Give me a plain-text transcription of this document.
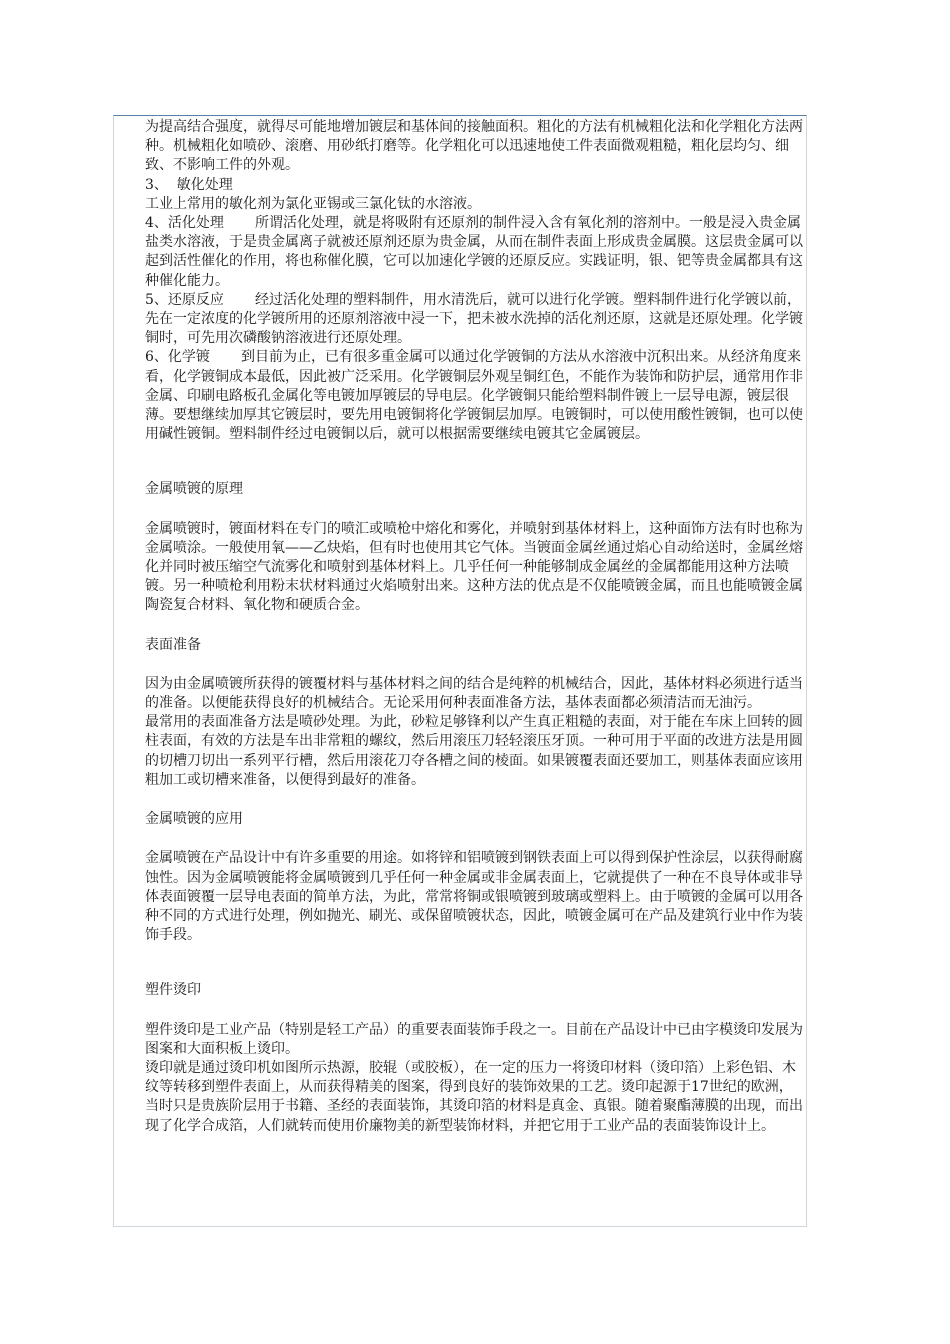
为提高结合强度，就得尽可能地增加镀层和基体间的接触面积。粗化的方法有机械粗化法和化学粗化方法两种。机械粗化如喷砂、滚磨、用砂纸打磨等。化学粗化可以迅速地使工件表面微观粗糙，粗化层均匀、细致、不影响工件的外观。

3、  敏化处理

工业上常用的敏化剂为氯化亚锡或三氯化钛的水溶液。

4、活化处理       所谓活化处理，就是将吸附有还原剂的制件浸入含有氧化剂的溶剂中。一般是浸入贵金属盐类水溶液，于是贵金属离子就被还原剂还原为贵金属，从而在制件表面上形成贵金属膜。这层贵金属可以起到活性催化的作用，将也称催化膜，它可以加速化学镀的还原反应。实践证明，银、钯等贵金属都具有这种催化能力。

5、还原反应       经过活化处理的塑料制件，用水清洗后，就可以进行化学镀。塑料制件进行化学镀以前，先在一定浓度的化学镀所用的还原剂溶液中浸一下，把未被水洗掉的活化剂还原，这就是还原处理。化学镀铜时，可先用次磷酸钠溶液进行还原处理。

6、化学镀       到目前为止，已有很多重金属可以通过化学镀铜的方法从水溶液中沉积出来。从经济角度来看，化学镀铜成本最低，因此被广泛采用。化学镀铜层外观呈铜红色，不能作为装饰和防护层，通常用作非金属、印刷电路板孔金属化等电镀加厚镀层的导电层。化学镀铜只能给塑料制件镀上一层导电源，镀层很薄。要想继续加厚其它镀层时，要先用电镀铜将化学镀铜层加厚。电镀铜时，可以使用酸性镀铜，也可以使用碱性镀铜。塑料制件经过电镀铜以后，就可以根据需要继续电镀其它金属镀层。

金属喷镀的原理

金属喷镀时，镀面材料在专门的喷汇或喷枪中熔化和雾化，并喷射到基体材料上，这种面饰方法有时也称为金属喷涂。一般使用氧——乙炔焰，但有时也使用其它气体。当镀面金属丝通过焰心自动给送时，金属丝熔化并同时被压缩空气流雾化和喷射到基体材料上。几乎任何一种能够制成金属丝的金属都能用这种方法喷镀。另一种喷枪利用粉末状材料通过火焰喷射出来。这种方法的优点是不仅能喷镀金属，而且也能喷镀金属陶瓷复合材料、氧化物和硬质合金。

表面准备

因为由金属喷镀所获得的镀覆材料与基体材料之间的结合是纯粹的机械结合，因此，基体材料必须进行适当的准备。以便能获得良好的机械结合。无论采用何种表面准备方法，基体表面都必须清洁而无油污。

最常用的表面准备方法是喷砂处理。为此，砂粒足够锋利以产生真正粗糙的表面，对于能在车床上回转的圆柱表面，有效的方法是车出非常粗的螺纹，然后用滚压刀轻轻滚压牙顶。一种可用于平面的改进方法是用圆的切槽刀切出一系列平行槽，然后用滚花刀夺各槽之间的棱面。如果镀覆表面还要加工，则基体表面应该用粗加工或切槽来准备，以便得到最好的准备。

金属喷镀的应用

金属喷镀在产品设计中有许多重要的用途。如将锌和铝喷镀到钢铁表面上可以得到保护性涂层，以获得耐腐蚀性。因为金属喷镀能将金属喷镀到几乎任何一种金属或非金属表面上，它就提供了一种在不良导体或非导体表面镀覆一层导电表面的简单方法，为此，常常将铜或银喷镀到玻璃或塑料上。由于喷镀的金属可以用各种不同的方式进行处理，例如抛光、刷光、或保留喷镀状态，因此，喷镀金属可在产品及建筑行业中作为装饰手段。

塑件烫印

塑件烫印是工业产品（特别是轻工产品）的重要表面装饰手段之一。目前在产品设计中已由字模烫印发展为图案和大面积板上烫印。

烫印就是通过烫印机如图所示热源，胶辊（或胶板），在一定的压力一将烫印材料（烫印箔）上彩色铝、木纹等转移到塑件表面上，从而获得精美的图案，得到良好的装饰效果的工艺。烫印起源于17世纪的欧洲，当时只是贵族阶层用于书籍、圣经的表面装饰，其烫印箔的材料是真金、真银。随着聚酯薄膜的出现，而出现了化学合成箔，人们就转而使用价廉物美的新型装饰材料，并把它用于工业产品的表面装饰设计上。
